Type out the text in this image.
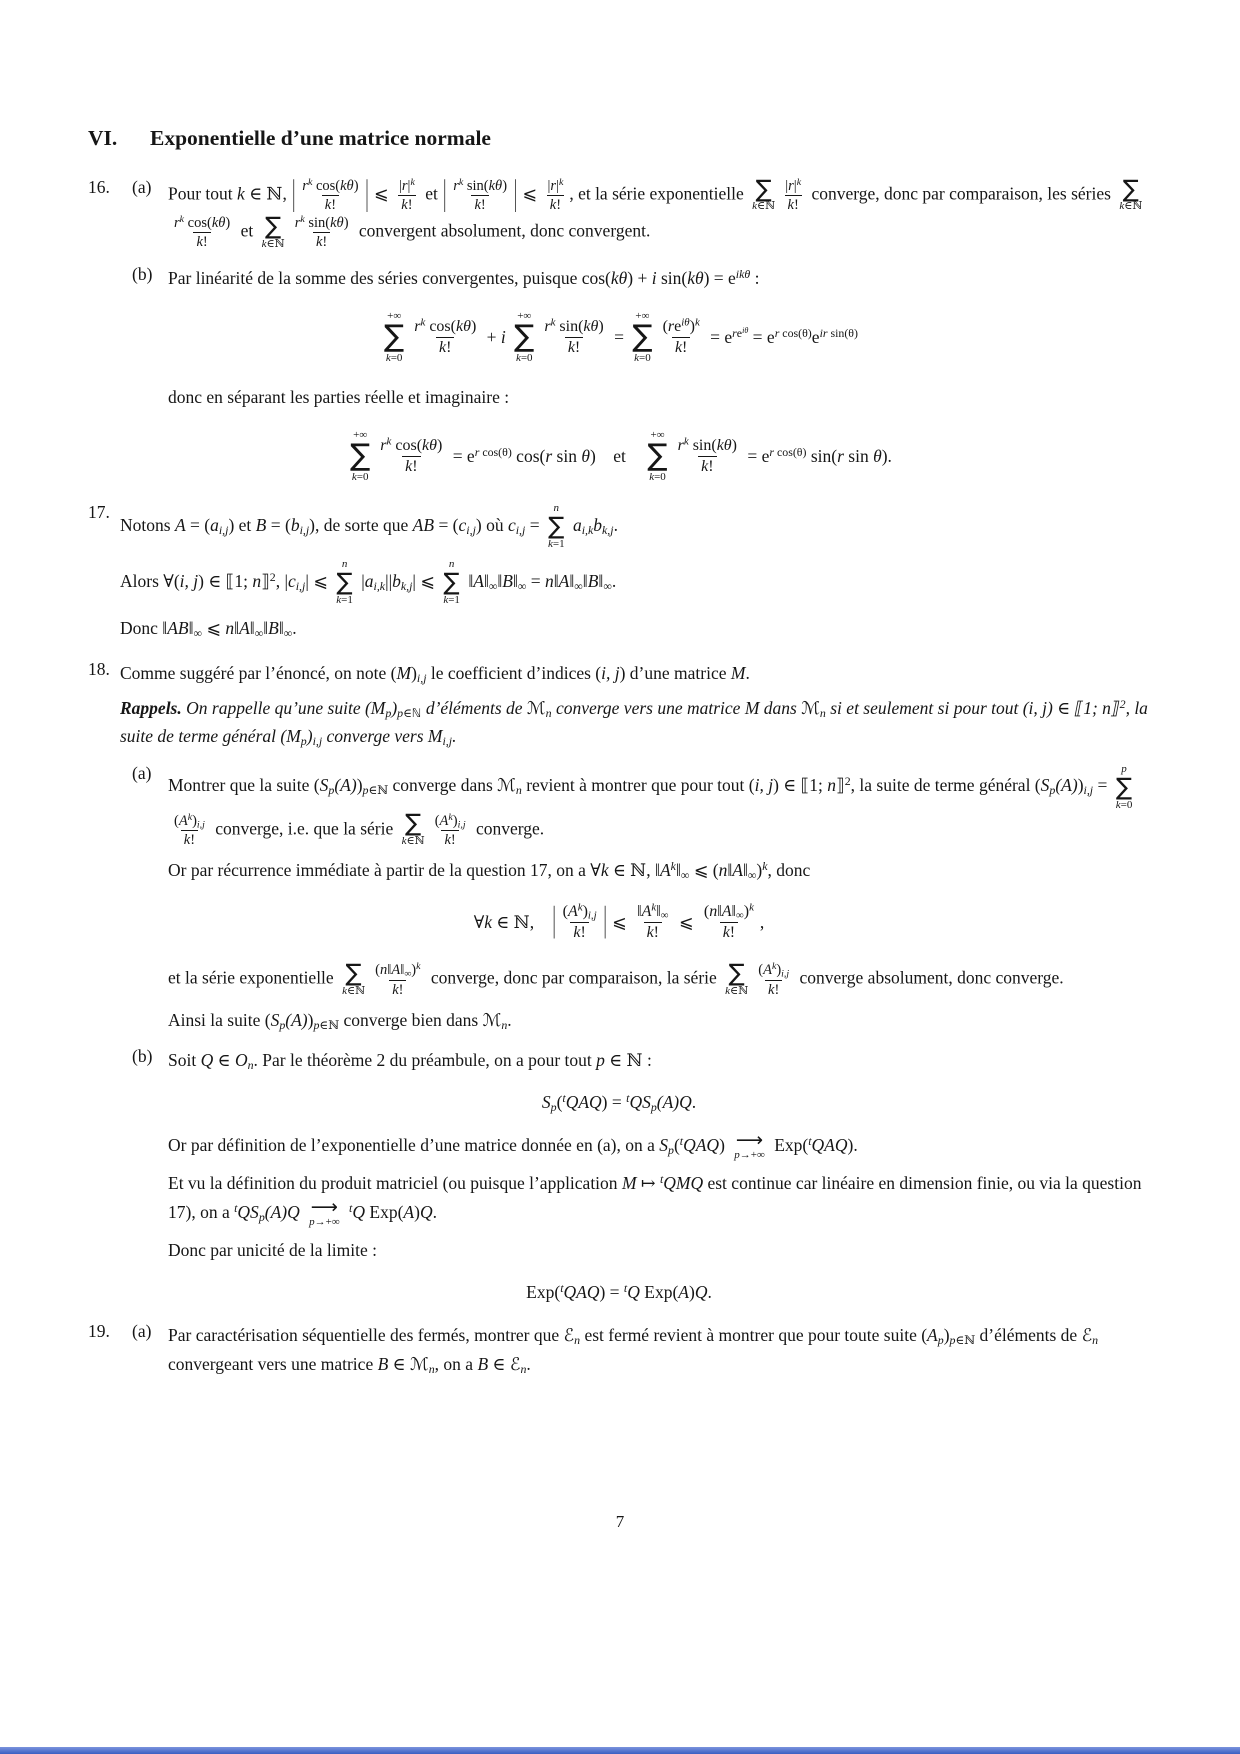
VI.	Exponentielle d’une matrice normale
16.	(a) Pour tout k ∈ ℕ, | $\frac{r^k \cos(k\theta)}{k!}$ | ⩽ $\frac{|r|^k}{k!}$ et | $\frac{r^k \sin(k\theta)}{k!}$ | ⩽ $\frac{|r|^k}{k!}$ , et la série exponentielle ∑
k∈ℕ $\frac{|r|^k}{k!}$ converge, donc par comparaison, les séries ∑
k∈ℕ
$\frac{r^k \cos(k\theta)}{k!}$ et ∑
k∈ℕ $\frac{r^k \sin(k\theta)}{k!}$ convergent absolument, donc convergent.
(b) Par linéarité de la somme des séries convergentes, puisque cos(kθ) + i $\sin(k\theta) = e^{ik\theta}$ :
+∞
∑
$k=0 \frac{r^k \cos(k\theta)}{k!} + i$
+∞
∑
$k=0 \frac{r^k \sin(k\theta)}{k!}$ =
+∞
∑
$k=0 \frac{(re^{i\theta})^k}{k!} = e^{re^{i\theta}} = e^{r cos(\theta)}e^{ir sin(\theta)}$
donc en séparant les parties réelle et imaginaire :
+∞
∑
$k=0 \frac{r^k \cos(k\theta)}{k!} = e^{r cos(\theta)}$ cos(r sin θ) et 
+∞
∑
$k=0 \frac{r^k \sin(k\theta)}{k!} = e^{r cos(\theta)}$ sin(r sin θ).
17.
Notons $A = (a_{i,j})$ et $B = (b_{i,j})$, de sorte que AB = $(c_{i,j})$ où $c_{i,j}$ =
n
∑
k=1
$a_{i,k}b_{k,j}$.
Alors ∀(i, j) ∈ ⟦1; n⟧$^2$, $|c_{i,j}|$ ⩽
n
∑
k=1
$|a_{i,k}||b_{k,j}|$ ⩽
n
∑
k=1
$‖A‖_\infty‖B‖_\infty$ = $n‖A‖_\infty‖B‖_\infty$.
Donc $‖AB‖_\infty$ ⩽ $n‖A‖_\infty‖B‖_\infty$.
18. Comme suggéré par l’énoncé, on note $(M)_{i,j}$ le coefficient d’indices (i, j) d’une matrice M.
Rappels. On rappelle qu’une suite $(M_p)_{p\in ℕ}$ d’éléments de ℳ$_n$ converge vers une matrice M dans ℳ$_n$ si et seulement si pour tout (i, j) ∈ ⟦1; n⟧$^2$, la suite de terme général $(M_p)_{i,j}$ converge vers $M_{i,j}$.
(a)
Montrer que la suite $(S_p(A))_{p\in ℕ}$ converge dans ℳ$_n$ revient à montrer que pour tout (i, j) ∈ ⟦1; n⟧$^2$, la suite de terme général $(S_p(A))_{i,j}$ =
p
∑
k=0
$\frac{(A^k)_{i,j}}{k!}$ converge, i.e. que la série ∑
k∈ℕ $\frac{(A^k)_{i,j}}{k!}$ converge.
Or par récurrence immédiate à partir de la question 17, on a ∀k ∈ ℕ, $‖A^k‖_\infty$ ⩽ $(n‖A‖_\infty)^k$, donc
∀k ∈ ℕ,  | $\frac{(A^k)_{i,j}}{k!}$ | ⩽ $\frac{‖A^k‖_\infty}{k!}$ ⩽ $\frac{(n‖A‖_\infty)^k}{k!}$ ,
et la série exponentielle ∑
k∈ℕ $\frac{(n‖A‖_\infty)^k}{k!}$ converge, donc par comparaison, la série ∑
k∈ℕ $\frac{(A^k)_{i,j}}{k!}$ converge absolument, donc converge.
Ainsi la suite $(S_p(A))_{p\in ℕ}$ converge bien dans ℳ$_n$.
(b) Soit Q ∈ $O_n$. Par le théorème 2 du préambule, on a pour tout p ∈ ℕ :
$S_p(^tQAQ) = ^tQS_p(A)Q$.
Or par définition de l’exponentielle d’une matrice donnée en (a), on a $S_p(^tQAQ)$ ⟶
p→+∞ Exp($^t$QAQ).
Et vu la définition du produit matriciel (ou puisque l’application M ↦ $^t$QMQ est continue car linéaire en dimension finie, ou via la question 17), on a $^tQS_p(A)Q$ ⟶
p→+∞
$^t$Q Exp(A)Q.
Donc par unicité de la limite :
Exp($^t$QAQ) = $^t$Q Exp(A)Q.
19.	(a) Par caractérisation séquentielle des fermés, montrer que ℰ$_n$ est fermé revient à montrer que pour toute suite $(A_p)_{p\in ℕ}$ d’éléments de ℰ$_n$ convergeant vers une matrice B ∈ ℳ$_n$, on a B ∈ ℰ$_n$.
7
